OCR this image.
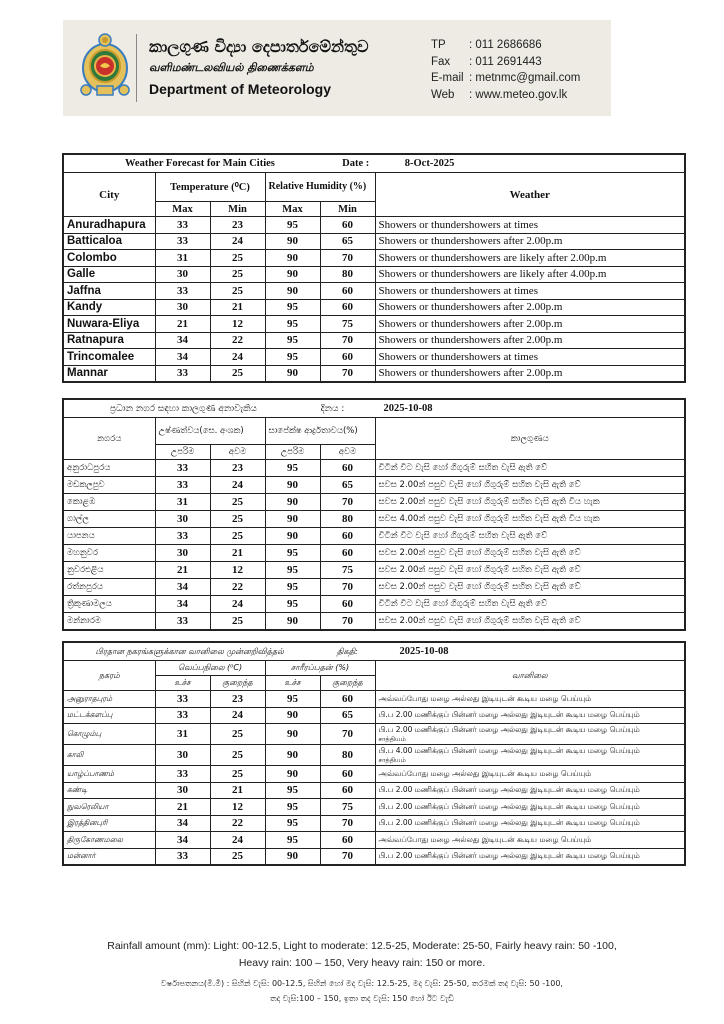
කාලගුණ විද්‍යා දෙපාර්තමේන්තුව
வளிமண்டலவியல் திணைக்களம்
Department of Meteorology
TP	: 011 2686686
Fax	: 011 2691443
E-mail : metnmc@gmail.com
Web	: www.meteo.gov.lk
Weather Forecast for Main Cities Date : 8-Oct-2025					
City	Temperature (⁰C)		Relative Humidity (%)		Weather
	Max	Min	Max	Min	
Anuradhapura	33	23	95	60	Showers or thundershowers at times
Batticaloa	33	24	90	65	Showers or thundershowers after 2.00p.m
Colombo	31	25	90	70	Showers or thundershowers are likely after 2.00p.m
Galle	30	25	90	80	Showers or thundershowers are likely after 4.00p.m
Jaffna	33	25	90	60	Showers or thundershowers at times
Kandy	30	21	95	60	Showers or thundershowers after 2.00p.m
Nuwara-Eliya	21	12	95	75	Showers or thundershowers after 2.00p.m
Ratnapura	34	22	95	70	Showers or thundershowers after 2.00p.m
Trincomalee	34	24	95	60	Showers or thundershowers at times
Mannar	33	25	90	70	Showers or thundershowers after 2.00p.m
ප්‍රධාන නගර සඳහා කාලගුණ අනාවැකිය දිනය : 2025-10-08					
නගරය	උෂ්ණත්වය(සෙ. අංශක)		සාපේක්ෂ ආර්ද්‍රතාවය(%)		කාලගුණය
	උපරිම	අවම	උපරිම	අවම	
අනුරාධපුරය	33	23	95	60	විටින් විට වැසි හෝ ගිගුරුම් සහිත වැසි ඇති වේ
මඩකලපුව	33	24	90	65	සවස 2.00න් පසුව වැසි හෝ ගිගුරුම් සහිත වැසි ඇති වේ
කොළඹ	31	25	90	70	සවස 2.00න් පසුව වැසි හෝ ගිගුරුම් සහිත වැසි ඇති වීය හැක
ගාල්ල	30	25	90	80	සවස 4.00න් පසුව වැසි හෝ ගිගුරුම් සහිත වැසි ඇති වීය හැක
යාපනය	33	25	90	60	විටින් විට වැසි හෝ ගිගුරුම් සහිත වැසි ඇති වේ
මහනුවර	30	21	95	60	සවස 2.00න් පසුව වැසි හෝ ගිගුරුම් සහිත වැසි ඇති වේ
නුවරඑළිය	21	12	95	75	සවස 2.00න් පසුව වැසි හෝ ගිගුරුම් සහිත වැසි ඇති වේ
රත්නපුරය	34	22	95	70	සවස 2.00න් පසුව වැසි හෝ ගිගුරුම් සහිත වැසි ඇති වේ
ත්‍රිකුණාමලය	34	24	95	60	විටින් විට වැසි හෝ ගිගුරුම් සහිත වැසි ඇති වේ
මන්නාරම	33	25	90	70	සවස 2.00න් පසුව වැසි හෝ ගිගුරුම් සහිත වැසි ඇති වේ
பிரதான நகரங்களுக்கான வானிலை முன்னறிவித்தல் திகதி: 2025-10-08					
நகரம்	வெப்பநிலை (⁰C)		சாரீரப்பதன் (%)		வானிலை
	உச்ச	குறைந்த	உச்ச	குறைந்த	
அனுராதபுரம்	33	23	95	60	அவ்வப்போது மழை அல்லது இடியுடன் கூடிய மழை பெய்யும்
மட்டக்களப்பு	33	24	90	65	பி.ப 2.00 மணிக்குப் பின்னர் மழை அல்லது இடியுடன் கூடிய மழை பெய்யும்
கொழும்பு	31	25	90	70	பி.ப 2.00 மணிக்குப் பின்னர் மழை அல்லது இடியுடன் கூடிய மழை பெய்யும்
சாத்தியம்

காலி	30	25	90	80	பி.ப 4.00 மணிக்குப் பின்னர் மழை அல்லது இடியுடன் கூடிய மழை பெய்யும்
சாத்தியம்

யாழ்ப்பாணம்	33	25	90	60	அவ்வப்போது மழை அல்லது இடியுடன் கூடிய மழை பெய்யும்
கண்டி	30	21	95	60	பி.ப 2.00 மணிக்குப் பின்னர் மழை அல்லது இடியுடன் கூடிய மழை பெய்யும்
நுவரெலியா	21	12	95	75	பி.ப 2.00 மணிக்குப் பின்னர் மழை அல்லது இடியுடன் கூடிய மழை பெய்யும்
இரத்தினபுரி	34	22	95	70	பி.ப 2.00 மணிக்குப் பின்னர் மழை அல்லது இடியுடன் கூடிய மழை பெய்யும்
திருகோணமலை	34	24	95	60	அவ்வப்போது மழை அல்லது இடியுடன் கூடிய மழை பெய்யும்
மன்னார்	33	25	90	70	பி.ப 2.00 மணிக்குப் பின்னர் மழை அல்லது இடியுடன் கூடிய மழை பெய்யும்
Rainfall amount (mm): Light: 00-12.5, Light to moderate: 12.5-25, Moderate: 25-50, Fairly heavy rain: 50 -100,
Heavy rain: 100 – 150, Very heavy rain: 150 or more.
වර්ෂාපතනය(මි.මී) : සිහින් වැසි: 00-12.5, සිහින් හෝ මද වැසි: 12.5-25, මද වැසි: 25-50, තරමක් තද වැසි: 50 -100,
තද වැසි:100 – 150, ඉතා තද වැසි: 150 හෝ ඊට වැඩි
